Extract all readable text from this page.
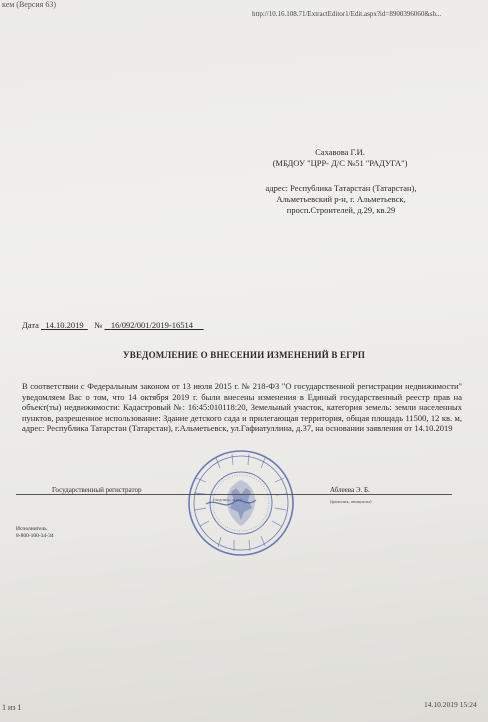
кем (Версия 63)
http://10.16.108.71/ExtractEditor1/Edit.aspx?id=8900396060&sh...
Сахавова Г.И.
(МБДОУ "ЦРР- Д/С №51 "РАДУГА")
адрес: Республика Татарстан (Татарстан),
Альметьевский р-н, г. Альметьевск,
просп.Строителей, д.29, кв.29
Дата 14.10.2019 № 16/092/001/2019-16514
УВЕДОМЛЕНИЕ О ВНЕСЕНИИ ИЗМЕНЕНИЙ В ЕГРП
В соответствии с Федеральным законом от 13 июля 2015 г. № 218-ФЗ "О государственной регистрации недвижимости" уведомляем Вас о том, что 14 октября 2019 г. были внесены изменения в Единый государственный реестр прав на объект(ты) недвижимости: Кадастровый №: 16:45:010118:20, Земельный участок, категория земель: земли населенных пунктов, разрешенное использование: Здание детского сада и прилегающая территория, общая площадь 11500, 12 кв. м, адрес: Республика Татарстан (Татарстан), г.Альметьевск, ул.Гафиатуллина, д.37, на основании заявления от 14.10.2019
Государственный регистратор	Аблеева Э. Б.
(подпись, м.п.)	(фамилия, инициалы)
Исполнитель
8-800-100-34-34
1 из 1	14.10.2019 15:24
